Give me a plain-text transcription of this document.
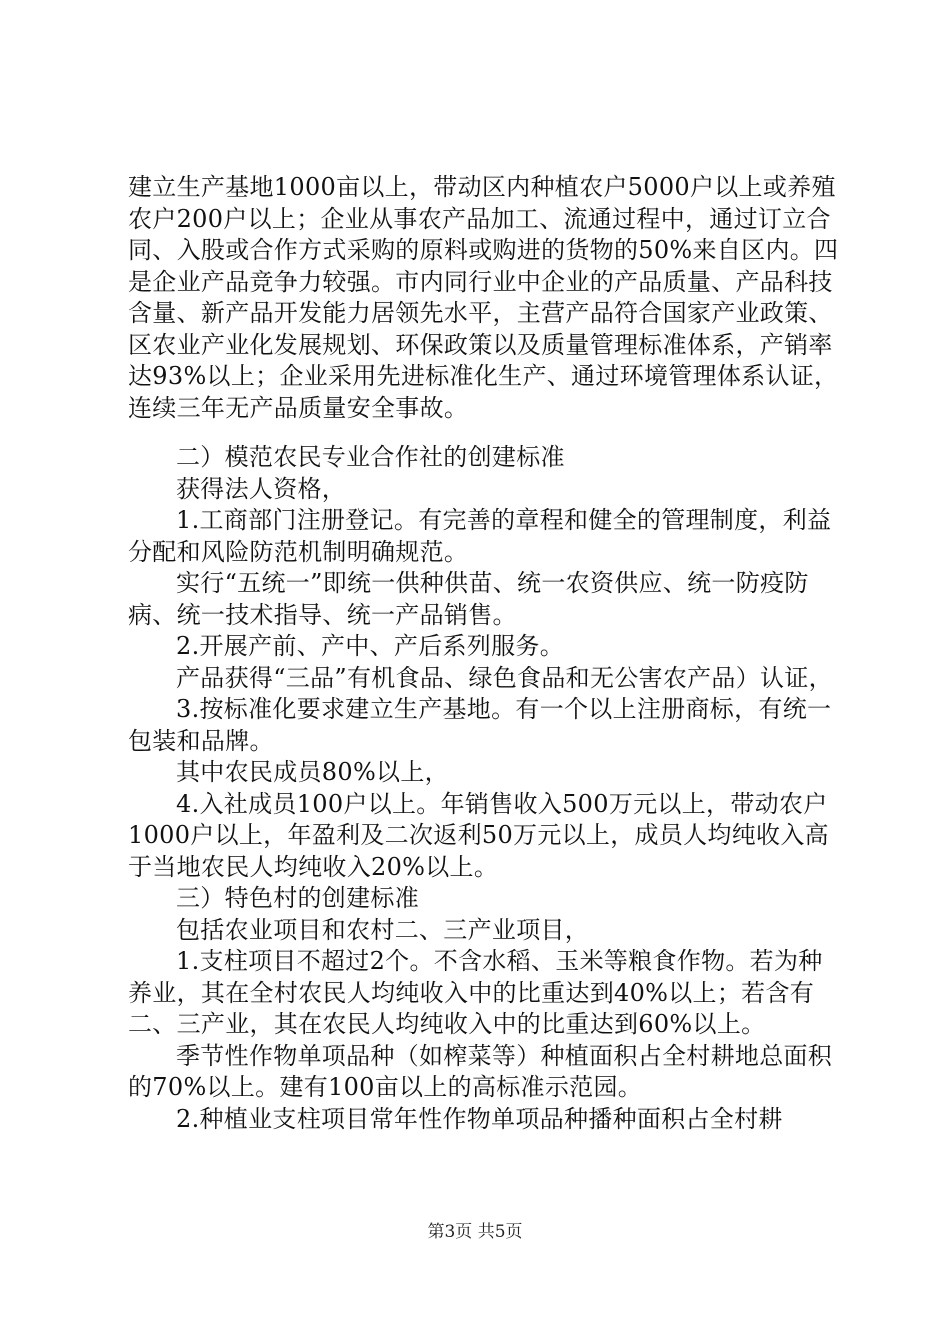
建立生产基地1000亩以上，带动区内种植农户5000户以上或养殖农户200户以上；企业从事农产品加工、流通过程中，通过订立合同、入股或合作方式采购的原料或购进的货物的50%来自区内。四是企业产品竞争力较强。市内同行业中企业的产品质量、产品科技含量、新产品开发能力居领先水平，主营产品符合国家产业政策、区农业产业化发展规划、环保政策以及质量管理标准体系，产销率达93%以上；企业采用先进标准化生产、通过环境管理体系认证，连续三年无产品质量安全事故。

二）模范农民专业合作社的创建标准

获得法人资格，

1.工商部门注册登记。有完善的章程和健全的管理制度，利益分配和风险防范机制明确规范。

实行“五统一”即统一供种供苗、统一农资供应、统一防疫防病、统一技术指导、统一产品销售。

2.开展产前、产中、产后系列服务。

产品获得“三品”有机食品、绿色食品和无公害农产品）认证，

3.按标准化要求建立生产基地。有一个以上注册商标，有统一包装和品牌。

其中农民成员80%以上，

4.入社成员100户以上。年销售收入500万元以上，带动农户1000户以上，年盈利及二次返利50万元以上，成员人均纯收入高于当地农民人均纯收入20%以上。

三）特色村的创建标准

包括农业项目和农村二、三产业项目，

1.支柱项目不超过2个。不含水稻、玉米等粮食作物。若为种养业，其在全村农民人均纯收入中的比重达到40%以上；若含有二、三产业，其在农民人均纯收入中的比重达到60%以上。

季节性作物单项品种（如榨菜等）种植面积占全村耕地总面积的70%以上。建有100亩以上的高标准示范园。

2.种植业支柱项目常年性作物单项品种播种面积占全村耕

第3页 共5页
